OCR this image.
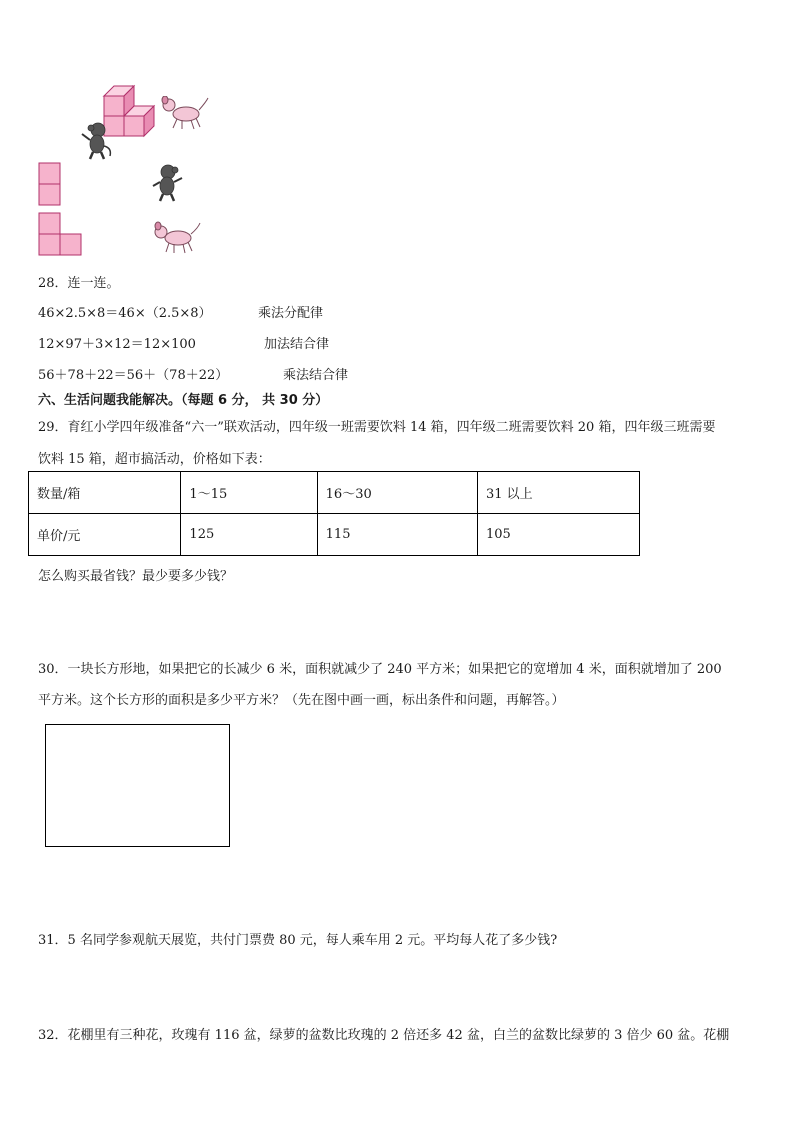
28．连一连。
46×2.5×8＝46×（2.5×8）	乘法分配律
12×97＋3×12＝12×100	加法结合律
56＋78＋22＝56＋（78＋22）	乘法结合律
六、生活问题我能解决。（每题 6 分， 共 30 分）
29．育红小学四年级准备“六一”联欢活动，四年级一班需要饮料 14 箱，四年级二班需要饮料 20 箱，四年级三班需要
饮料 15 箱，超市搞活动，价格如下表：
数量/箱	1～15	16～30	31 以上
单价/元	125	115	105
怎么购买最省钱？最少要多少钱？
30．一块长方形地，如果把它的长减少 6 米，面积就减少了 240 平方米；如果把它的宽增加 4 米，面积就增加了 200
平方米。这个长方形的面积是多少平方米？（先在图中画一画，标出条件和问题，再解答。）
31．5 名同学参观航天展览，共付门票费 80 元，每人乘车用 2 元。平均每人花了多少钱?
32．花棚里有三种花，玫瑰有 116 盆，绿萝的盆数比玫瑰的 2 倍还多 42 盆，白兰的盆数比绿萝的 3 倍少 60 盆。花棚
